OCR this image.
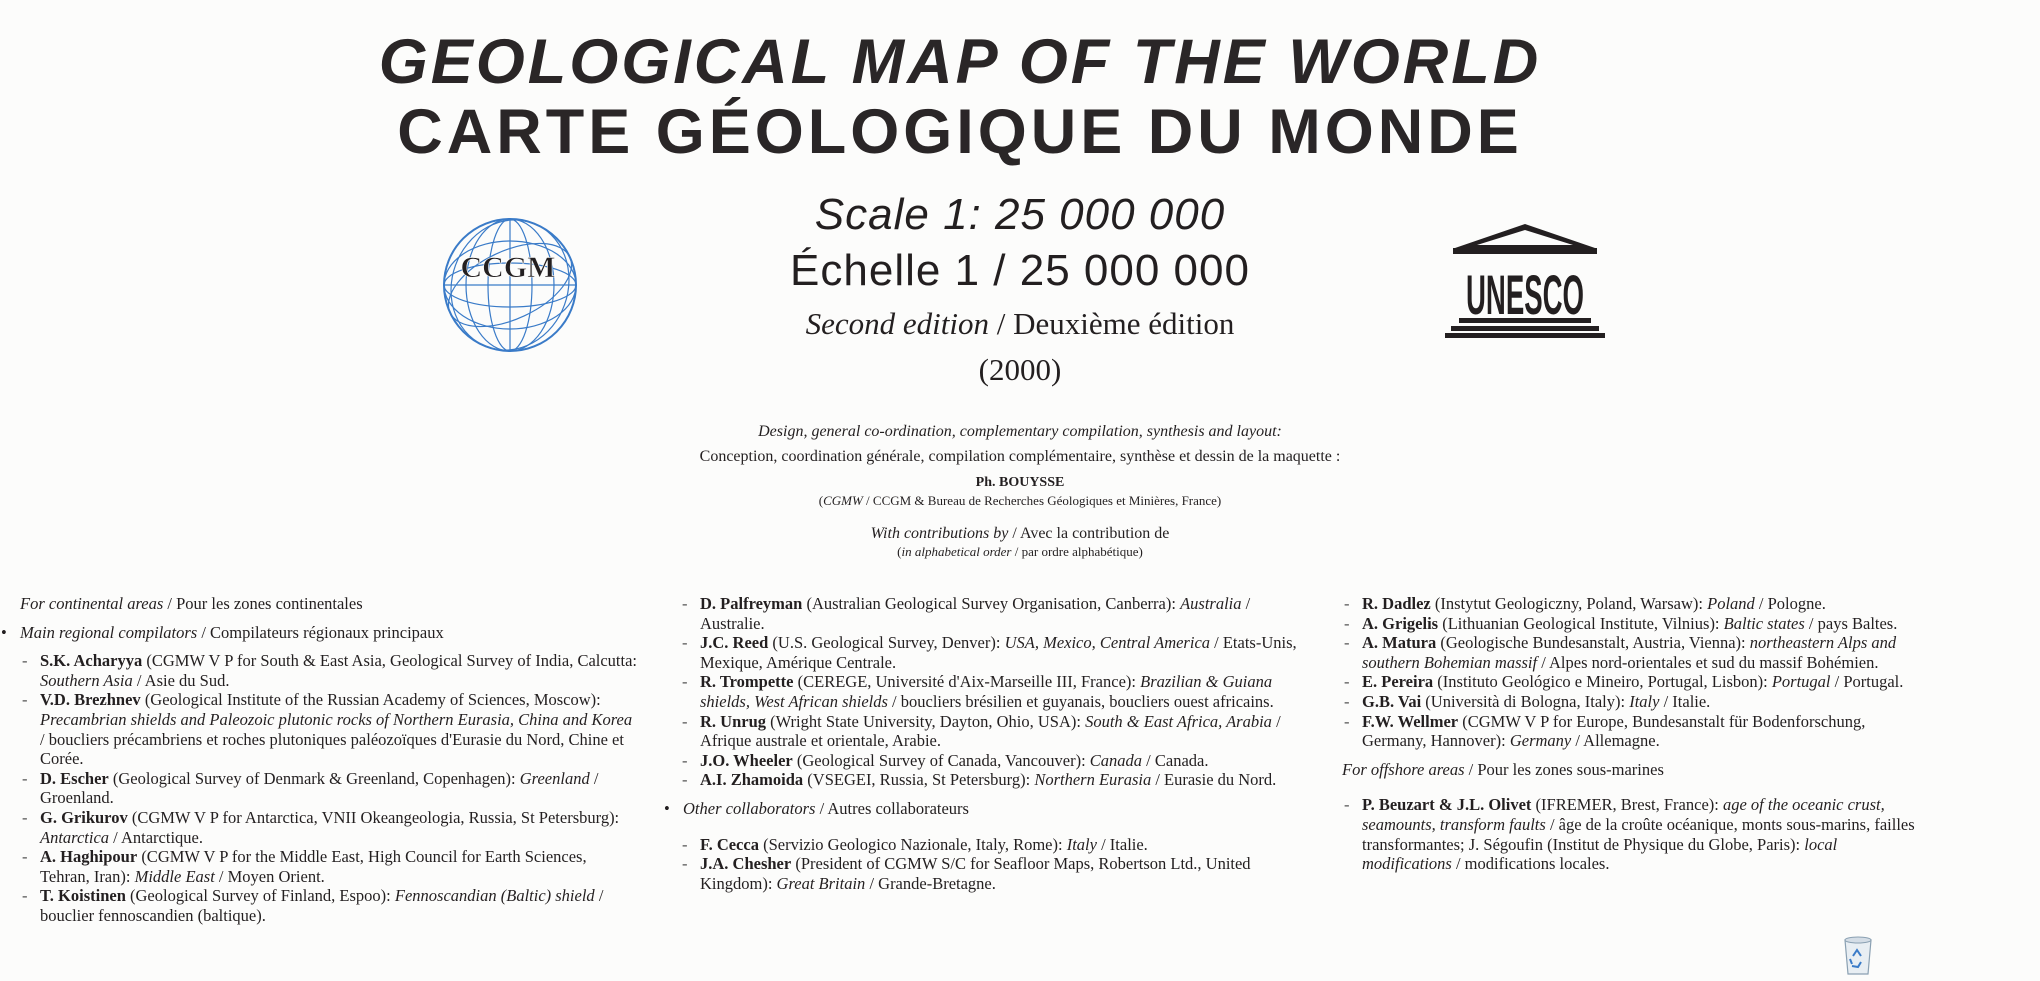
GEOLOGICAL MAP OF THE WORLD
CARTE GÉOLOGIQUE DU MONDE
Scale 1: 25 000 000
Échelle 1 / 25 000 000
Second edition / Deuxième édition
(2000)
CCGM	UNESCO
Design, general co-ordination, complementary compilation, synthesis and layout:
Conception, coordination générale, compilation complémentaire, synthèse et dessin de la maquette :
Ph. BOUYSSE
(CGMW / CCGM & Bureau de Recherches Géologiques et Minières, France)
With contributions by / Avec la contribution de
(in alphabetical order / par ordre alphabétique)

For continental areas / Pour les zones continentales

• Main regional compilators / Compilateurs régionaux principaux

- S.K. Acharyya (CGMW V P for South & East Asia, Geological Survey of India, Calcutta: Southern Asia / Asie du Sud.

- V.D. Brezhnev (Geological Institute of the Russian Academy of Sciences, Moscow): Precambrian shields and Paleozoic plutonic rocks of Northern Eurasia, China and Korea / boucliers précambriens et roches plutoniques paléozoïques d'Eurasie du Nord, Chine et Corée.

- D. Escher (Geological Survey of Denmark & Greenland, Copenhagen): Greenland / Groenland.

- G. Grikurov (CGMW V P for Antarctica, VNII Okeangeologia, Russia, St Petersburg): Antarctica / Antarctique.

- A. Haghipour (CGMW V P for the Middle East, High Council for Earth Sciences, Tehran, Iran): Middle East / Moyen Orient.

- T. Koistinen (Geological Survey of Finland, Espoo): Fennoscandian (Baltic) shield / bouclier fennoscandien (baltique).

- D. Palfreyman (Australian Geological Survey Organisation, Canberra): Australia / Australie.

- J.C. Reed (U.S. Geological Survey, Denver): USA, Mexico, Central America / Etats-Unis, Mexique, Amérique Centrale.

- R. Trompette (CEREGE, Université d'Aix-Marseille III, France): Brazilian & Guiana shields, West African shields / boucliers brésilien et guyanais, boucliers ouest africains.

- R. Unrug (Wright State University, Dayton, Ohio, USA): South & East Africa, Arabia / Afrique australe et orientale, Arabie.

- J.O. Wheeler (Geological Survey of Canada, Vancouver): Canada / Canada.

- A.I. Zhamoida (VSEGEI, Russia, St Petersburg): Northern Eurasia / Eurasie du Nord.

• Other collaborators / Autres collaborateurs

- F. Cecca (Servizio Geologico Nazionale, Italy, Rome): Italy / Italie.

- J.A. Chesher (President of CGMW S/C for Seafloor Maps, Robertson Ltd., United Kingdom): Great Britain / Grande-Bretagne.

- R. Dadlez (Instytut Geologiczny, Poland, Warsaw): Poland / Pologne.

- A. Grigelis (Lithuanian Geological Institute, Vilnius): Baltic states / pays Baltes.

- A. Matura (Geologische Bundesanstalt, Austria, Vienna): northeastern Alps and southern Bohemian massif / Alpes nord-orientales et sud du massif Bohémien.

- E. Pereira (Instituto Geológico e Mineiro, Portugal, Lisbon): Portugal / Portugal.

- G.B. Vai (Università di Bologna, Italy): Italy / Italie.

- F.W. Wellmer (CGMW V P for Europe, Bundesanstalt für Bodenforschung, Germany, Hannover): Germany / Allemagne.

For offshore areas / Pour les zones sous-marines

- P. Beuzart & J.L. Olivet (IFREMER, Brest, France): age of the oceanic crust, seamounts, transform faults / âge de la croûte océanique, monts sous-marins, failles transformantes; J. Ségoufin (Institut de Physique du Globe, Paris): local modifications / modifications locales.
